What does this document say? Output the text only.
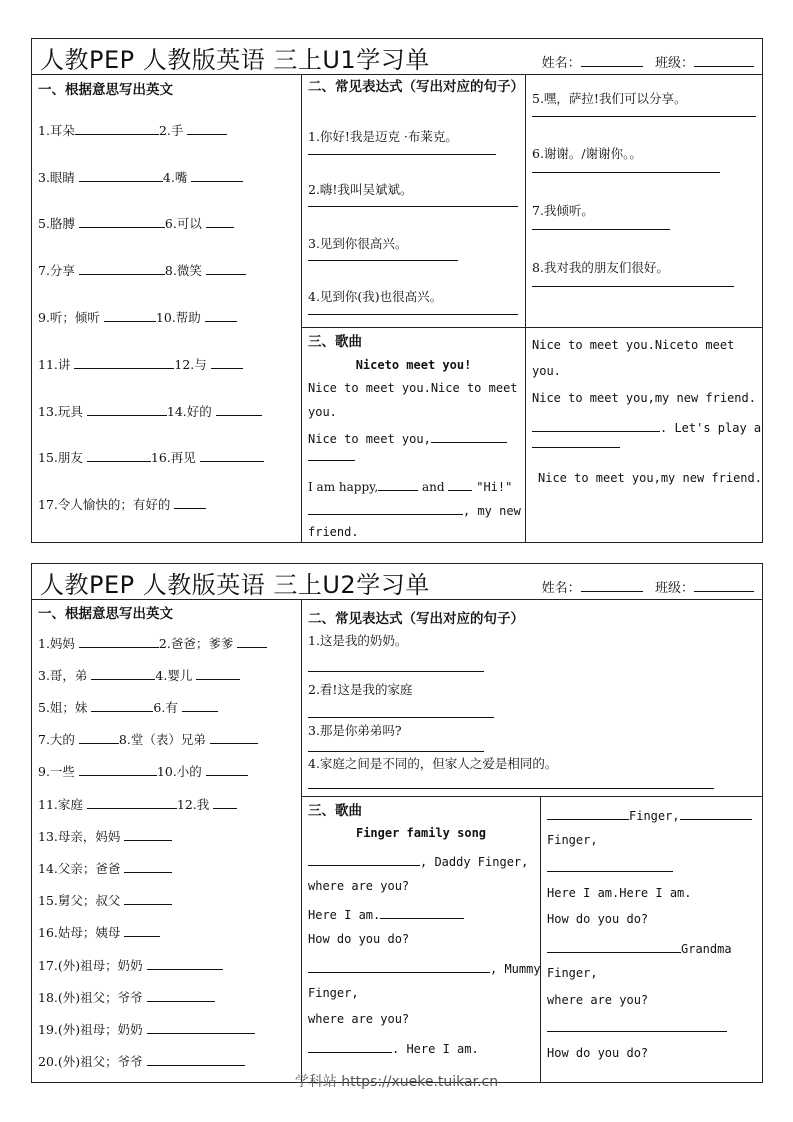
人教PEP 人教版英语 三上U1学习单	姓名：	班级：
一、根据意思写出英文
1.耳朵	2.手
3.眼睛	4.嘴
5.胳膊	6.可以
7.分享	8.微笑
9.听；倾听	10.帮助
11.讲	12.与
13.玩具	14.好的
15.朋友	16.再见
17.令人愉快的；有好的
二、常见表达式（写出对应的句子）
1.你好!我是迈克 ·布莱克。
2.嗨!我叫吴斌斌。
3.见到你很高兴。
4.见到你(我)也很高兴。
5.嘿，萨拉!我们可以分享。
6.谢谢。/谢谢你。。
7.我倾听。
8.我对我的朋友们很好。
三、歌曲
Niceto meet you!
Nice to meet you.Nice to meet
you.
Nice to meet you,
I am happy,	and	"Hi!"
, my new
friend.
Nice to meet you.Niceto meet
you.
Nice to meet you,my new friend.
. Let's play a
Nice to meet you,my new friend.
人教PEP 人教版英语 三上U2学习单	姓名：	班级：
一、根据意思写出英文
1.妈妈	2.爸爸；爹爹
3.哥，弟	4.婴儿
5.姐；妹	6.有
7.大的	8.堂（表）兄弟
9.一些	10.小的
11.家庭	12.我
13.母亲，妈妈
14.父亲；爸爸
15.舅父；叔父
16.姑母；姨母
17.(外)祖母；奶奶
18.(外)祖父；爷爷
19.(外)祖母；奶奶
20.(外)祖父；爷爷
二、常见表达式（写出对应的句子）
1.这是我的奶奶。
2.看!这是我的家庭
3.那是你弟弟吗?
4.家庭之间是不同的，但家人之爱是相同的。
三、歌曲
Finger family song
, Daddy Finger,
where are you?
Here I am.
How do you do?
, Mummy
Finger,
where are you?
. Here I am.
Finger,
Finger,
Here I am.Here I am.
How do you do?
Grandma
Finger,
where are you?
How do you do?
学科站 https://xueke.tuikar.cn
